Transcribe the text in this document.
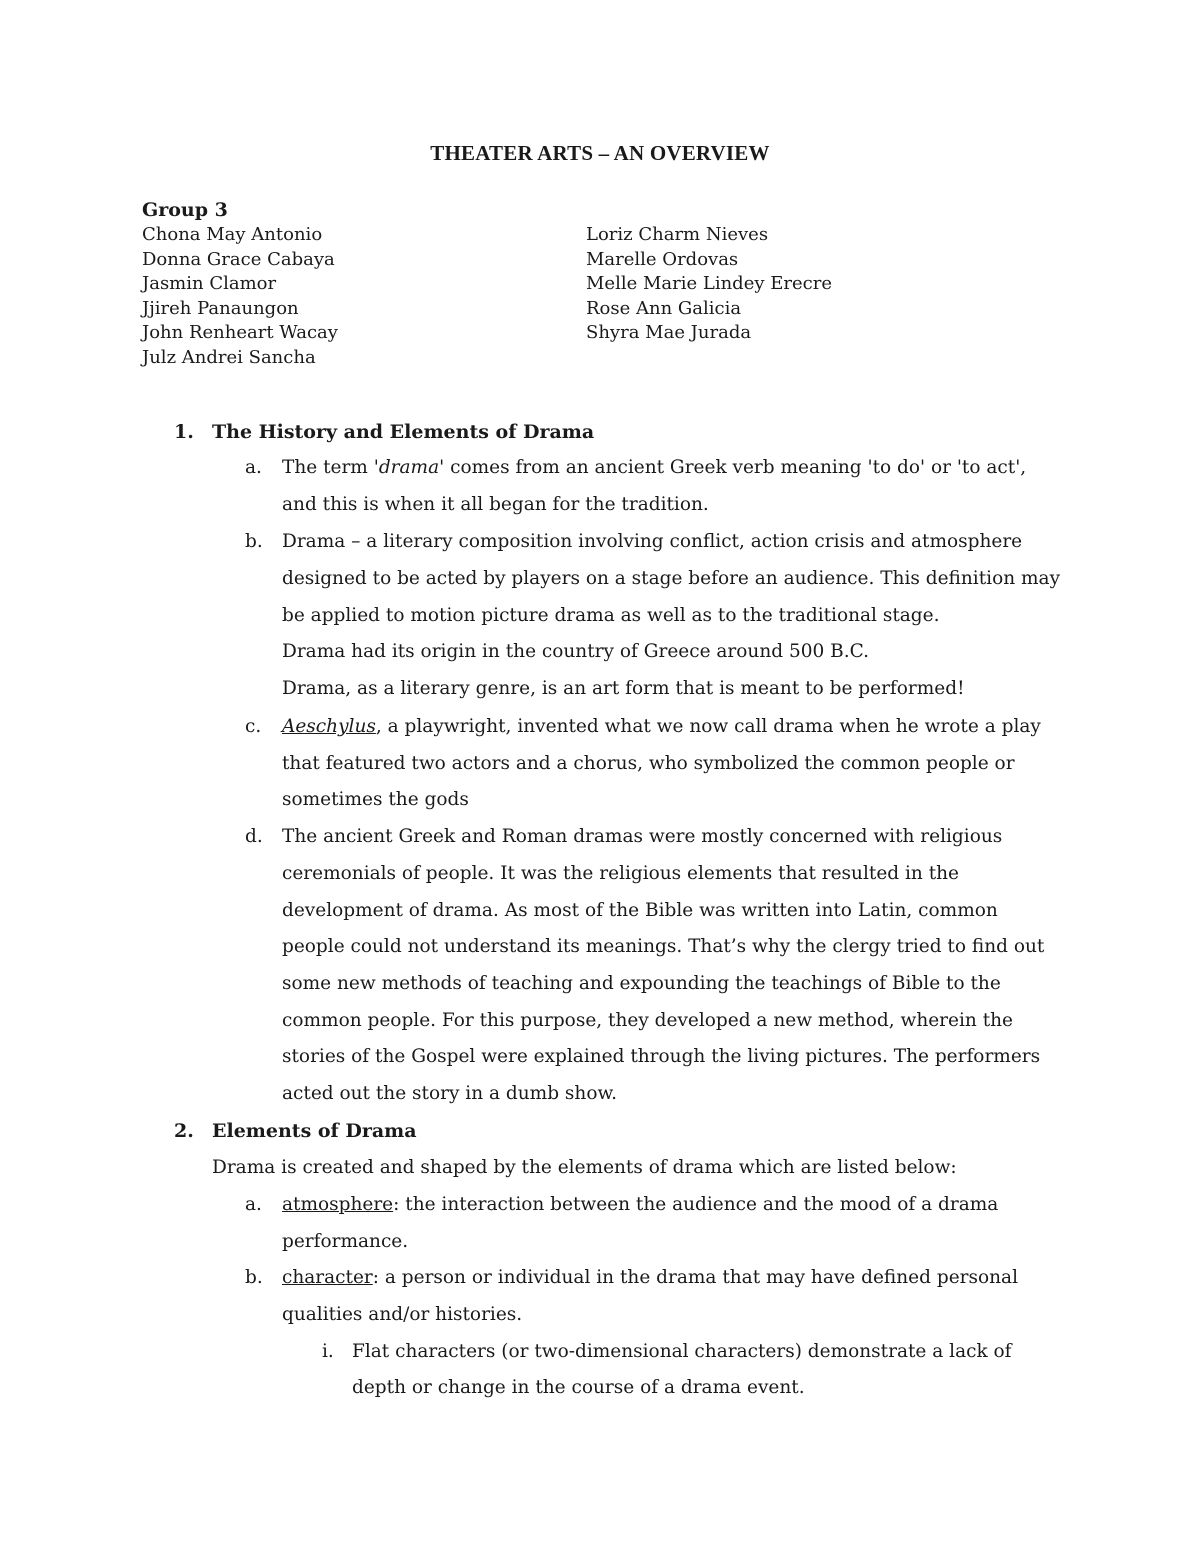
THEATER ARTS – AN OVERVIEW
Group 3
Chona May Antonio
Donna Grace Cabaya
Jasmin Clamor
Jjireh Panaungon
John Renheart Wacay
Julz Andrei Sancha
Loriz Charm Nieves
Marelle Ordovas
Melle Marie Lindey Erecre
Rose Ann Galicia
Shyra Mae Jurada
1. The History and Elements of Drama
a. The term 'drama' comes from an ancient Greek verb meaning 'to do' or 'to act',
and this is when it all began for the tradition.
b. Drama – a literary composition involving conflict, action crisis and atmosphere
designed to be acted by players on a stage before an audience. This definition may
be applied to motion picture drama as well as to the traditional stage.
Drama had its origin in the country of Greece around 500 B.C.
Drama, as a literary genre, is an art form that is meant to be performed!
c. Aeschylus, a playwright, invented what we now call drama when he wrote a play
that featured two actors and a chorus, who symbolized the common people or
sometimes the gods
d. The ancient Greek and Roman dramas were mostly concerned with religious
ceremonials of people. It was the religious elements that resulted in the
development of drama. As most of the Bible was written into Latin, common
people could not understand its meanings. That’s why the clergy tried to find out
some new methods of teaching and expounding the teachings of Bible to the
common people. For this purpose, they developed a new method, wherein the
stories of the Gospel were explained through the living pictures. The performers
acted out the story in a dumb show.
2. Elements of Drama
Drama is created and shaped by the elements of drama which are listed below:
a. atmosphere: the interaction between the audience and the mood of a drama
performance.
b. character: a person or individual in the drama that may have defined personal
qualities and/or histories.
i. Flat characters (or two-dimensional characters) demonstrate a lack of
depth or change in the course of a drama event.
